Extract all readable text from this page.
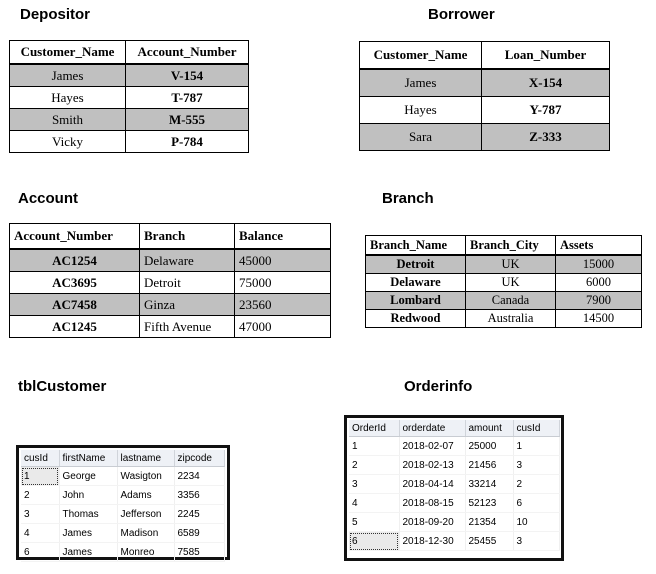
Depositor
Customer_Name	Account_Number
James	V-154
Hayes	T-787
Smith	M-555
Vicky	P-784
Borrower
Customer_Name	Loan_Number
James	X-154
Hayes	Y-787
Sara	Z-333
Account
Account_Number	Branch	Balance
AC1254	Delaware	45000
AC3695	Detroit	75000
AC7458	Ginza	23560
AC1245	Fifth Avenue	47000
Branch
Branch_Name	Branch_City	Assets
Detroit	UK	15000
Delaware	UK	6000
Lombard	Canada	7900
Redwood	Australia	14500
tblCustomer
cusId	firstName	lastname	zipcode
1	George	Wasigton	2234
2	John	Adams	3356
3	Thomas	Jefferson	2245
4	James	Madison	6589
6	James	Monreo	7585
Orderinfo
OrderId	orderdate	amount	cusId
1	2018-02-07	25000	1
2	2018-02-13	21456	3
3	2018-04-14	33214	2
4	2018-08-15	52123	6
5	2018-09-20	21354	10
6	2018-12-30	25455	3
